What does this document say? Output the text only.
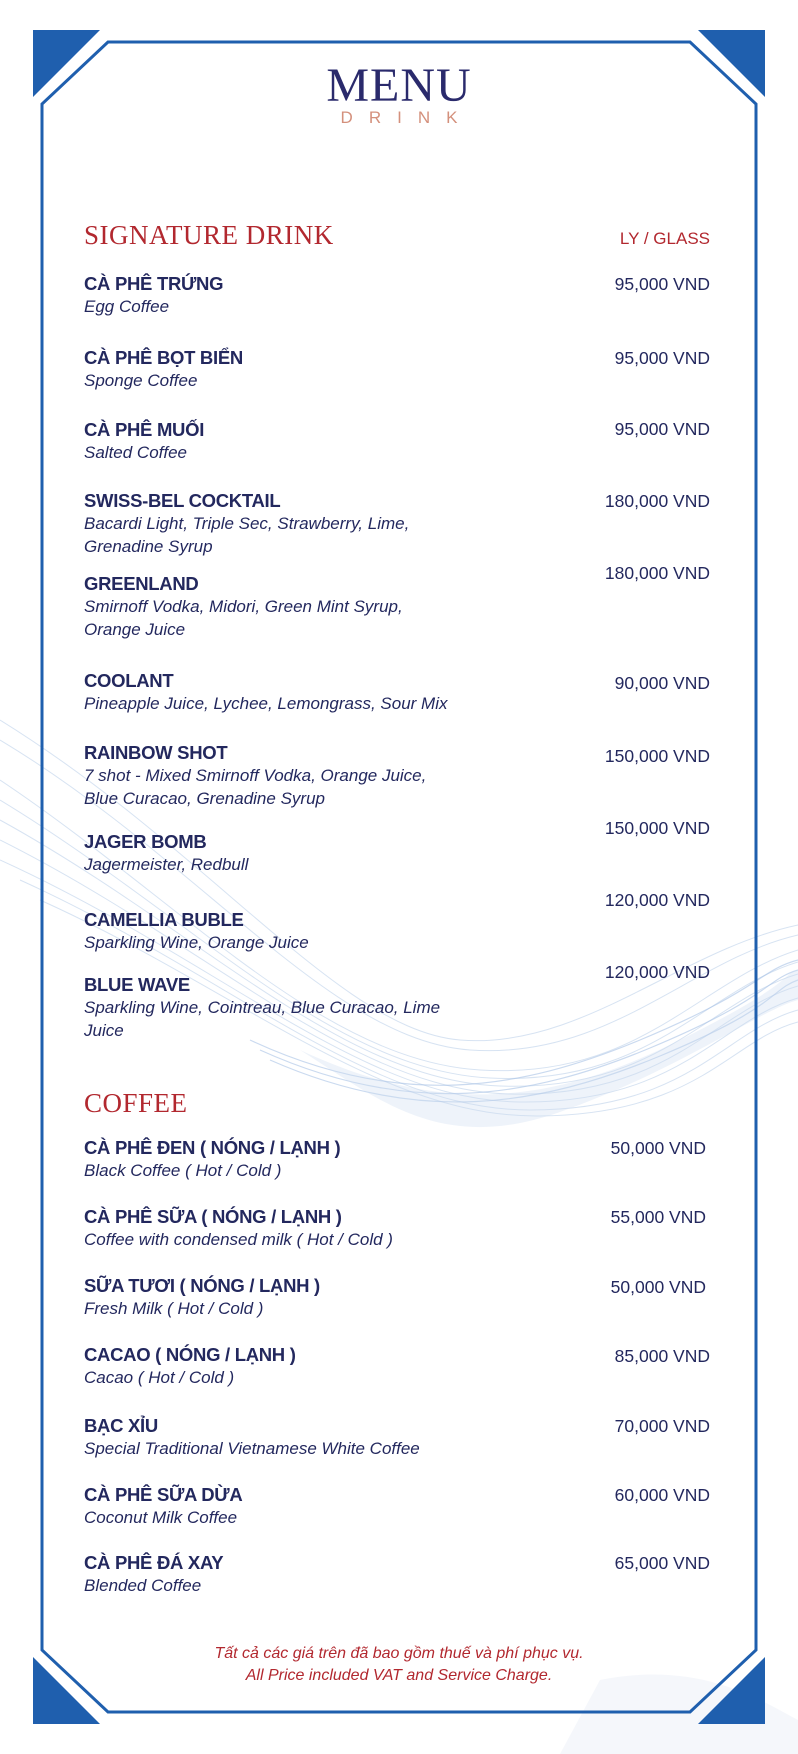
MENU
DRINK
SIGNATURE DRINK	LY / GLASS
CÀ PHÊ TRỨNG
Egg Coffee
95,000 VND
CÀ PHÊ BỌT BIỂN
Sponge Coffee
95,000 VND
CÀ PHÊ MUỐI
Salted Coffee
95,000 VND
SWISS-BEL COCKTAIL
Bacardi Light, Triple Sec, Strawberry, Lime, Grenadine Syrup
180,000 VND
GREENLAND
Smirnoff Vodka, Midori, Green Mint Syrup, Orange Juice
180,000 VND
COOLANT
Pineapple Juice, Lychee, Lemongrass, Sour Mix
90,000 VND
RAINBOW SHOT
7 shot - Mixed Smirnoff Vodka, Orange Juice, Blue Curacao, Grenadine Syrup
150,000 VND
JAGER BOMB
Jagermeister, Redbull
150,000 VND
CAMELLIA BUBLE
Sparkling Wine, Orange Juice
120,000 VND
BLUE WAVE
Sparkling Wine, Cointreau, Blue Curacao, Lime Juice
120,000 VND
COFFEE
CÀ PHÊ ĐEN ( NÓNG / LẠNH )
Black Coffee ( Hot / Cold )
50,000 VND
CÀ PHÊ SỮA ( NÓNG / LẠNH )
Coffee with condensed milk ( Hot / Cold )
55,000 VND
SỮA TƯƠI ( NÓNG / LẠNH )
Fresh Milk ( Hot / Cold )
50,000 VND
CACAO ( NÓNG / LẠNH )
Cacao ( Hot / Cold )
85,000 VND
BẠC XỈU
Special Traditional Vietnamese White Coffee
70,000 VND
CÀ PHÊ SỮA DỪA
Coconut Milk Coffee
60,000 VND
CÀ PHÊ ĐÁ XAY
Blended Coffee
65,000 VND
Tất cả các giá trên đã bao gồm thuế và phí phục vụ.
All Price included VAT and Service Charge.
